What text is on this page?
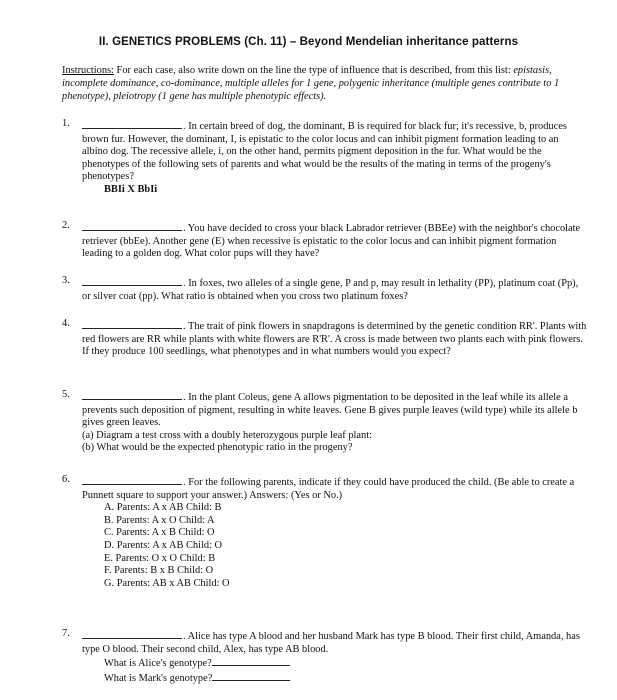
II. GENETICS PROBLEMS (Ch. 11) – Beyond Mendelian inheritance patterns
Instructions: For each case, also write down on the line the type of influence that is described, from this list: epistasis, incomplete dominance, co-dominance, multiple alleles for 1 gene, polygenic inheritance (multiple genes contribute to 1 phenotype), pleiotropy (1 gene has multiple phenotypic effects).
1.	. In certain breed of dog, the dominant, B is required for black fur; it's recessive, b, produces brown fur. However, the dominant, I, is epistatic to the color locus and can inhibit pigment formation leading to an albino dog. The recessive allele, i, on the other hand, permits pigment deposition in the fur. What would be the phenotypes of the following sets of parents and what would be the results of the mating in terms of the progeny's phenotypes?
BBIi X BbIi
2.	. You have decided to cross your black Labrador retriever (BBEe) with the neighbor's chocolate retriever (bbEe). Another gene (E) when recessive is epistatic to the color locus and can inhibit pigment formation leading to a golden dog. What color pups will they have?
3.	. In foxes, two alleles of a single gene, P and p, may result in lethality (PP), platinum coat (Pp), or silver coat (pp). What ratio is obtained when you cross two platinum foxes?
4.	. The trait of pink flowers in snapdragons is determined by the genetic condition RR'. Plants with red flowers are RR while plants with white flowers are R'R'. A cross is made between two plants each with pink flowers. If they produce 100 seedlings, what phenotypes and in what numbers would you expect?
5.	. In the plant Coleus, gene A allows pigmentation to be deposited in the leaf while its allele a prevents such deposition of pigment, resulting in white leaves. Gene B gives purple leaves (wild type) while its allele b gives green leaves.
(a) Diagram a test cross with a doubly heterozygous purple leaf plant:
(b) What would be the expected phenotypic ratio in the progeny?
6.	. For the following parents, indicate if they could have produced the child. (Be able to create a Punnett square to support your answer.) Answers: (Yes or No.)
A. Parents: A x AB Child: B
B. Parents: A x O Child: A
C. Parents: A x B Child: O
D. Parents: A x AB Child: O
E. Parents: O x O Child: B
F. Parents: B x B Child: O
G. Parents: AB x AB Child: O
7.	. Alice has type A blood and her husband Mark has type B blood. Their first child, Amanda, has type O blood. Their second child, Alex, has type AB blood.
What is Alice's genotype?
What is Mark's genotype?
